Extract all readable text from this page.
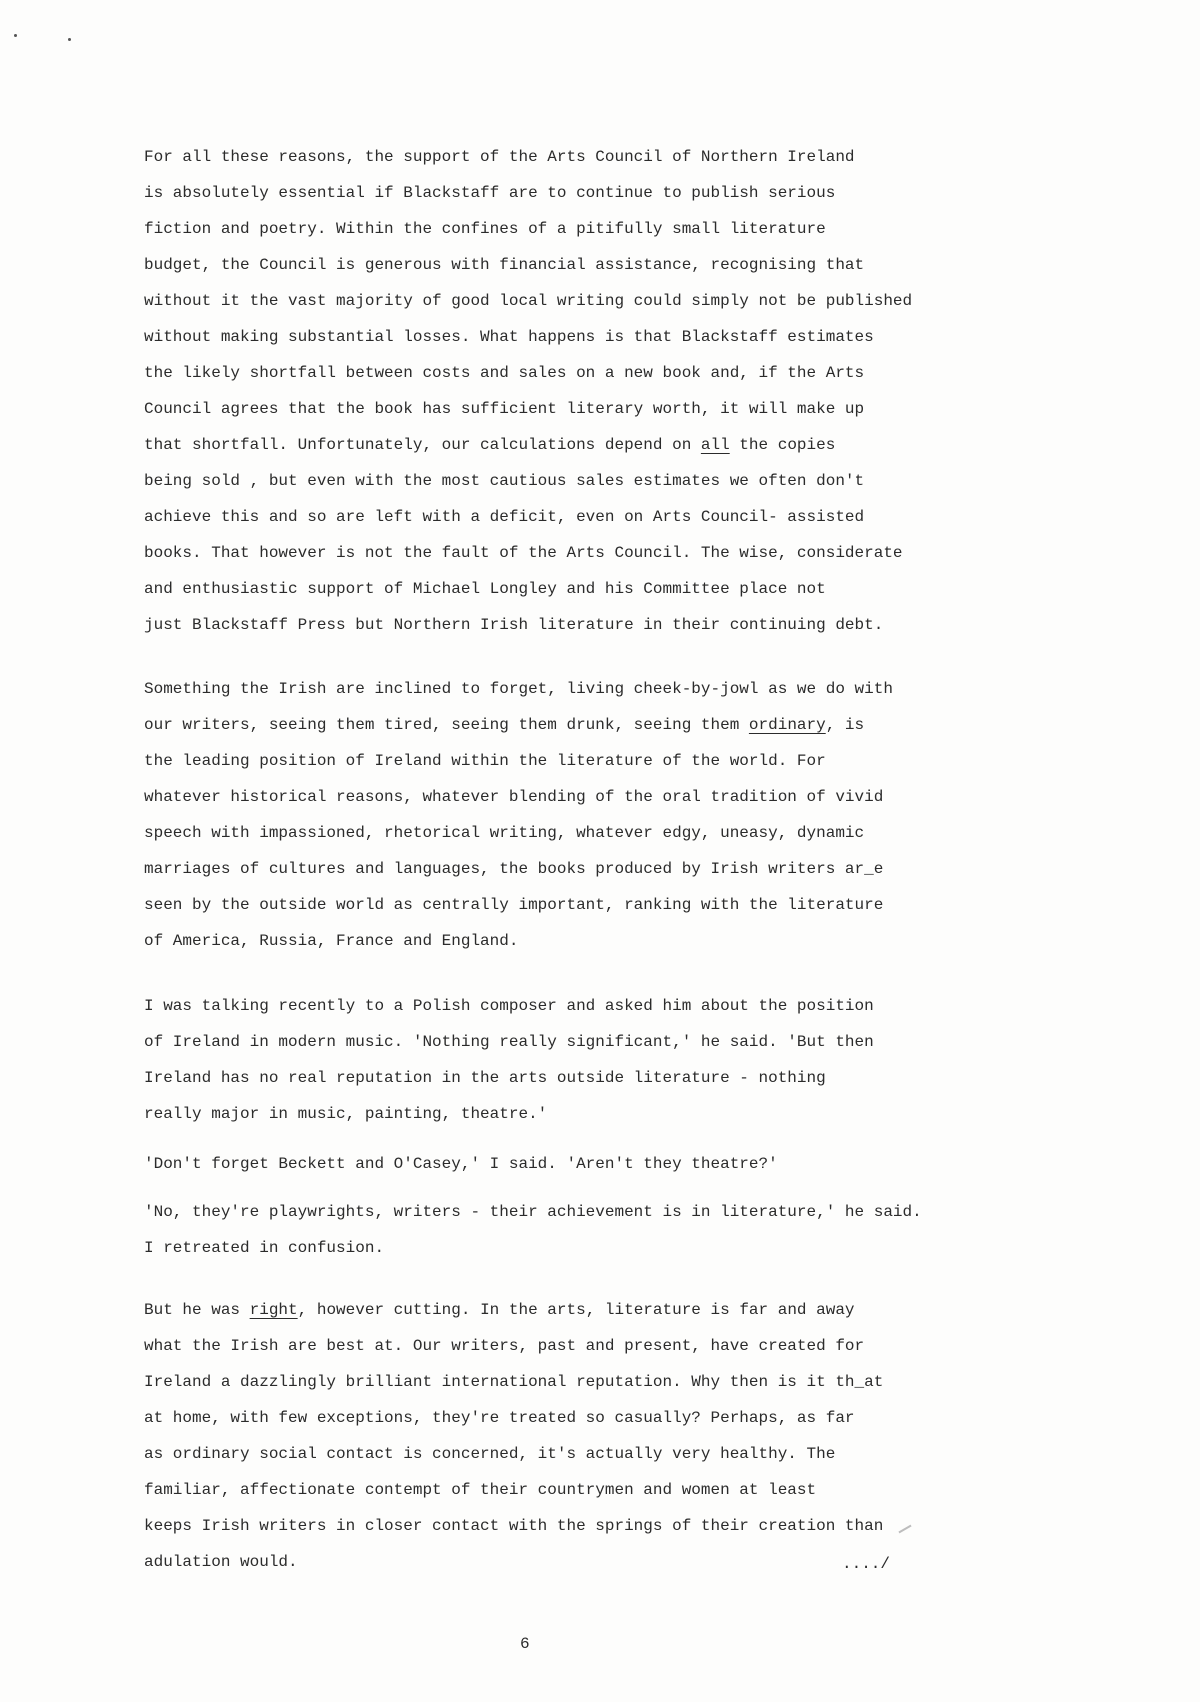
For all these reasons, the support of the Arts Council of Northern Ireland
is absolutely essential if Blackstaff are to continue to publish serious
fiction and poetry. Within the confines of a pitifully small literature
budget, the Council is generous with financial assistance, recognising that
without it the vast majority of good local writing could simply not be published
without making substantial losses. What happens is that Blackstaff estimates
the likely shortfall between costs and sales on a new book and, if the Arts
Council agrees that the book has sufficient literary worth, it will make up
that shortfall. Unfortunately, our calculations depend on all the copies
being sold , but even with the most cautious sales estimates we often don't
achieve this and so are left with a deficit, even on Arts Council- assisted
books. That however is not the fault of the Arts Council. The wise, considerate
and enthusiastic support of Michael Longley and his Committee place not
just Blackstaff Press but Northern Irish literature in their continuing debt.
Something the Irish are inclined to forget, living cheek-by-jowl as we do with
our writers, seeing them tired, seeing them drunk, seeing them ordinary, is
the leading position of Ireland within the literature of the world. For
whatever historical reasons, whatever blending of the oral tradition of vivid
speech with impassioned, rhetorical writing, whatever edgy, uneasy, dynamic
marriages of cultures and languages, the books produced by Irish writers ar_e
seen by the outside world as centrally important, ranking with the literature
of America, Russia, France and England.
I was talking recently to a Polish composer and asked him about the position
of Ireland in modern music. 'Nothing really significant,' he said. 'But then
Ireland has no real reputation in the arts outside literature - nothing
really major in music, painting, theatre.'
'Don't forget Beckett and O'Casey,' I said. 'Aren't they theatre?'
'No, they're playwrights, writers - their achievement is in literature,' he said.
I retreated in confusion.
But he was right, however cutting. In the arts, literature is far and away
what the Irish are best at. Our writers, past and present, have created for
Ireland a dazzlingly brilliant international reputation. Why then is it th_at
at home, with few exceptions, they're treated so casually? Perhaps, as far
as ordinary social contact is concerned, it's actually very healthy. The
familiar, affectionate contempt of their countrymen and women at least
keeps Irish writers in closer contact with the springs of their creation than
adulation would.	..../
6
